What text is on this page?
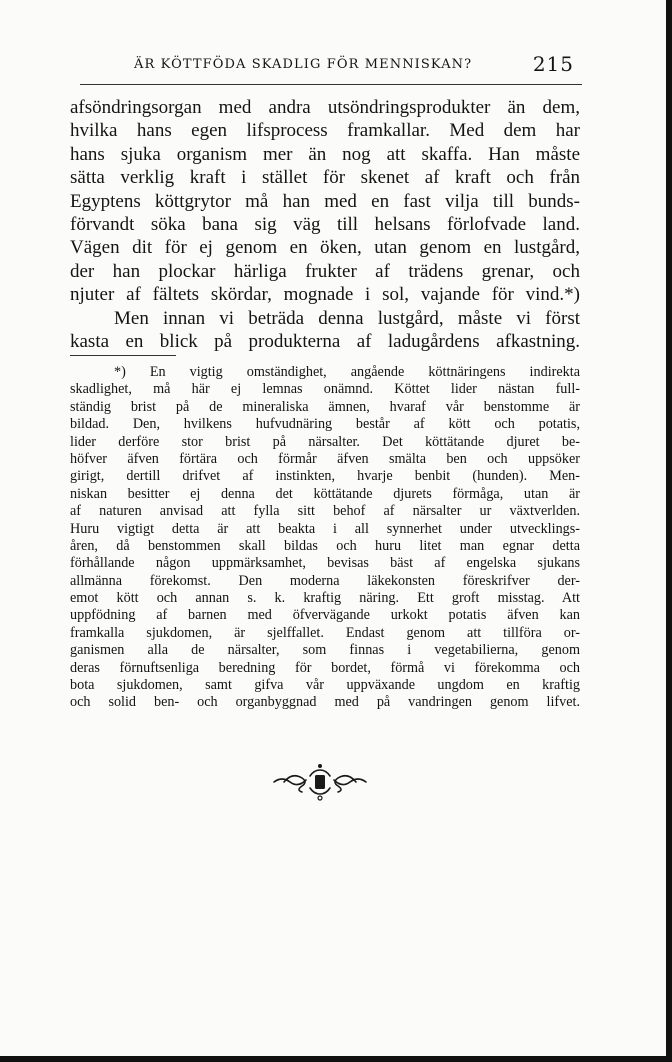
ÄR KÖTTFÖDA SKADLIG FÖR MENNISKAN?	215
afsöndringsorgan med andra utsöndringsprodukter än dem,
hvilka hans egen lifsprocess framkallar. Med dem har
hans sjuka organism mer än nog att skaffa. Han måste
sätta verklig kraft i stället för skenet af kraft och från
Egyptens köttgrytor må han med en fast vilja till bunds-
förvandt söka bana sig väg till helsans förlofvade land.
Vägen dit för ej genom en öken, utan genom en lustgård,
der han plockar härliga frukter af trädens grenar, och
njuter af fältets skördar, mognade i sol, vajande för vind.*)
Men innan vi beträda denna lustgård, måste vi först
kasta en blick på produkterna af ladugårdens afkastning.
*) En vigtig omständighet, angående köttnäringens indirekta
skadlighet, må här ej lemnas onämnd. Köttet lider nästan full-
ständig brist på de mineraliska ämnen, hvaraf vår benstomme är
bildad. Den, hvilkens hufvudnäring består af kött och potatis,
lider derföre stor brist på närsalter. Det köttätande djuret be-
höfver äfven förtära och förmår äfven smälta ben och uppsöker
girigt, dertill drifvet af instinkten, hvarje benbit (hunden). Men-
niskan besitter ej denna det köttätande djurets förmåga, utan är
af naturen anvisad att fylla sitt behof af närsalter ur växtverlden.
Huru vigtigt detta är att beakta i all synnerhet under utvecklings-
åren, då benstommen skall bildas och huru litet man egnar detta
förhållande någon uppmärksamhet, bevisas bäst af engelska sjukans
allmänna förekomst. Den moderna läkekonsten föreskrifver der-
emot kött och annan s. k. kraftig näring. Ett groft misstag. Att
uppfödning af barnen med öfvervägande urkokt potatis äfven kan
framkalla sjukdomen, är sjelffallet. Endast genom att tillföra or-
ganismen alla de närsalter, som finnas i vegetabilierna, genom
deras förnuftsenliga beredning för bordet, förmå vi förekomma och
bota sjukdomen, samt gifva vår uppväxande ungdom en kraftig
och solid ben- och organbyggnad med på vandringen genom lifvet.
